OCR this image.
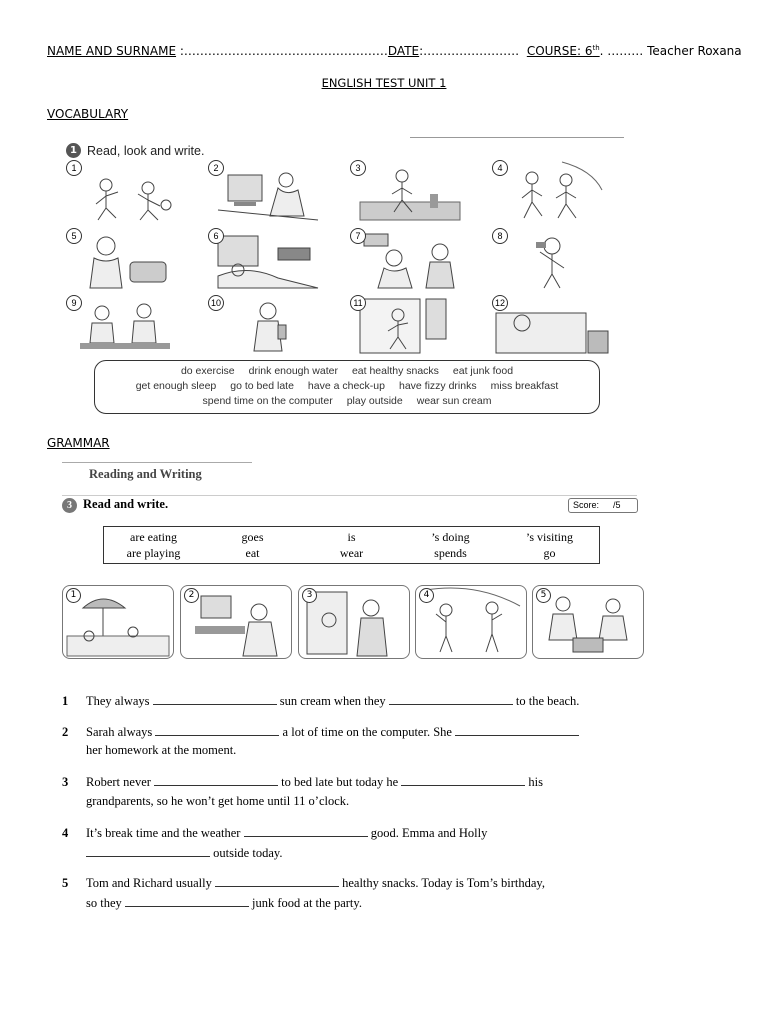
NAME AND SURNAME :……………………………………………DATE:…………………… COURSE: 6th. ……… Teacher Roxana
ENGLISH TEST UNIT 1
VOCABULARY
1 Read, look and write.
1	2	3	4
5	6	7	8
9	10	11	12
do exercise drink enough water eat healthy snacks eat junk food
get enough sleep go to bed late have a check-up have fizzy drinks miss breakfast
spend time on the computer play outside wear sun cream
GRAMMAR
Reading and Writing
3 Read and write.	Score: /5
are eating	goes	is	’s doing	’s visiting
are playing	eat	wear	spends	go
1	2	3	4	5
1 They always	sun cream when they	to the beach.
2 Sarah always	a lot of time on the computer. She
her homework at the moment.
3 Robert never	to bed late but today he	his
grandparents, so he won’t get home until 11 o’clock.
4 It’s break time and the weather	good. Emma and Holly
outside today.
5 Tom and Richard usually	healthy snacks. Today is Tom’s birthday,
so they	junk food at the party.
